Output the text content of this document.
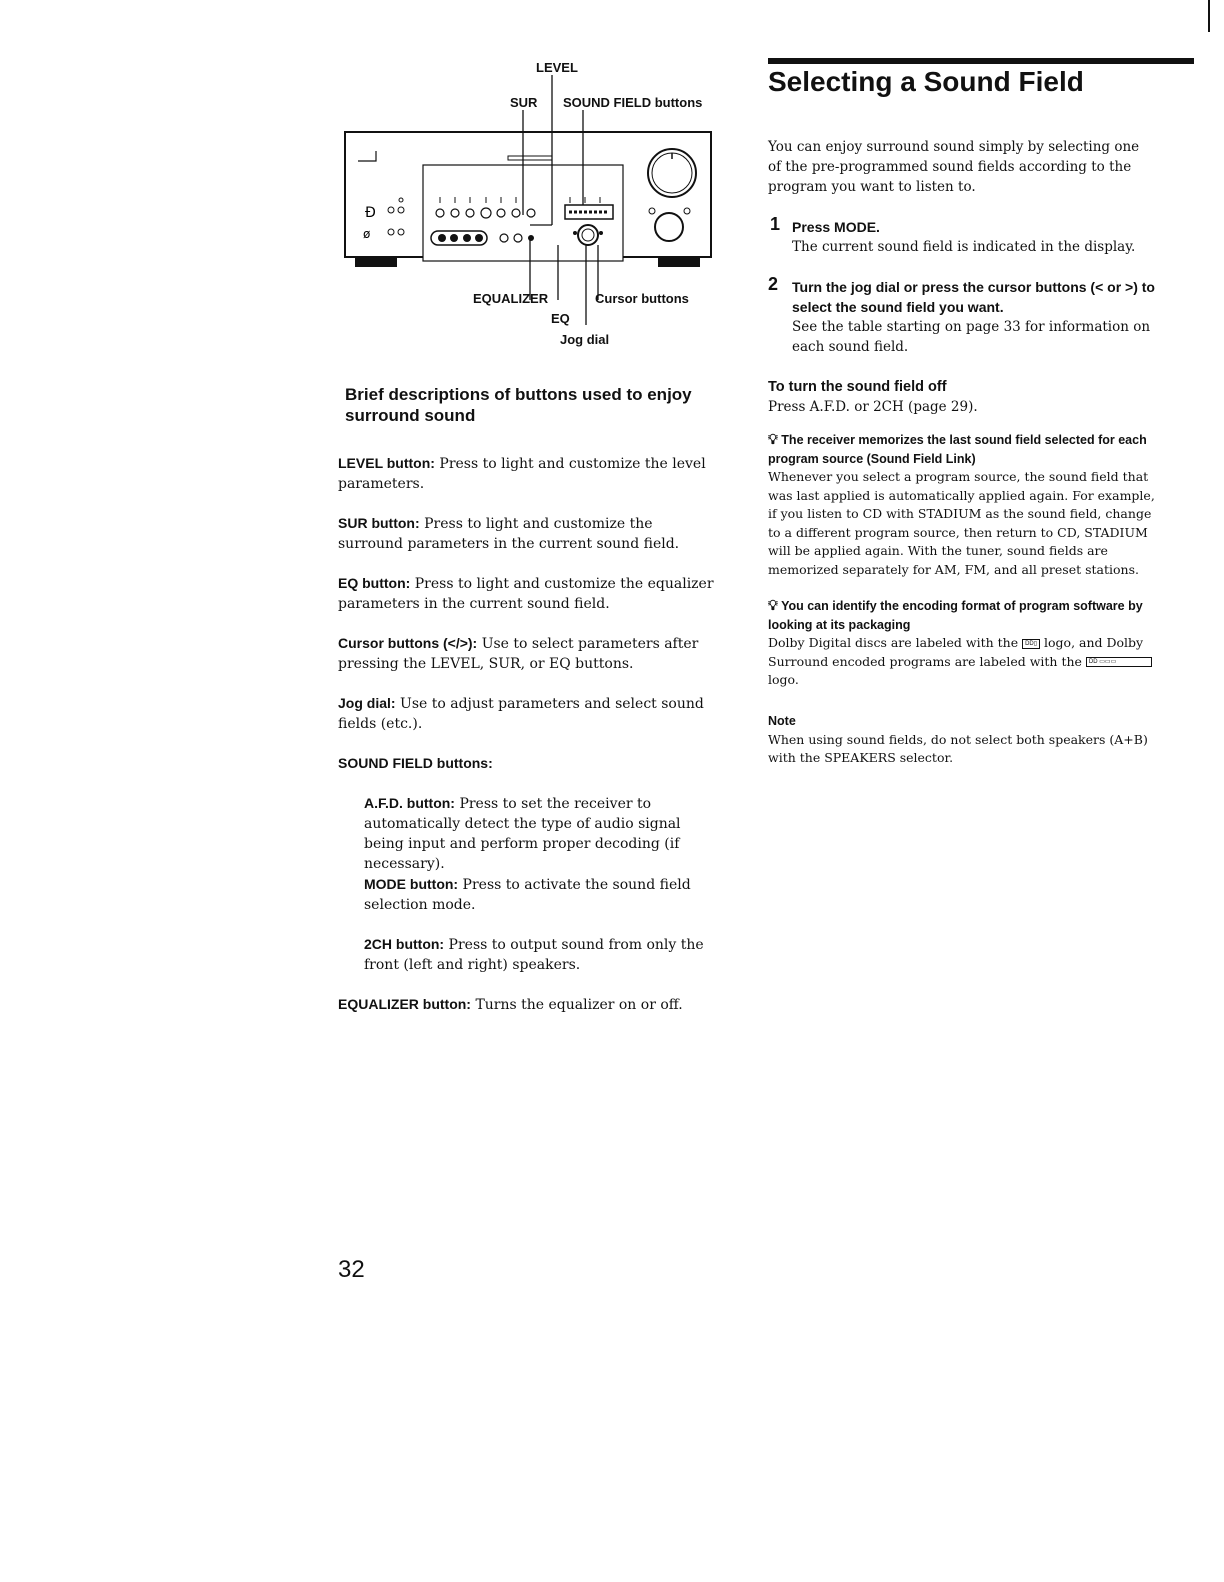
Ɖ
ø
LEVEL
SUR SOUND FIELD buttons
EQUALIZER	Cursor buttons
EQ
Jog dial
Brief descriptions of buttons used to enjoy surround sound
LEVEL button: Press to light and customize the level parameters.
SUR button: Press to light and customize the surround parameters in the current sound field.
EQ button: Press to light and customize the equalizer parameters in the current sound field.
Cursor buttons (</>): Use to select parameters after pressing the LEVEL, SUR, or EQ buttons.
Jog dial: Use to adjust parameters and select sound fields (etc.).
SOUND FIELD buttons:
A.F.D. button: Press to set the receiver to automatically detect the type of audio signal being input and perform proper decoding (if necessary).
MODE button: Press to activate the sound field selection mode.
2CH button: Press to output sound from only the front (left and right) speakers.
EQUALIZER button: Turns the equalizer on or off.
32
Selecting a Sound Field
You can enjoy surround sound simply by selecting one of the pre-programmed sound fields according to the program you want to listen to.
1 Press MODE.
The current sound field is indicated in the display.
2 Turn the jog dial or press the cursor buttons (< or >) to select the sound field you want.
See the table starting on page 33 for information on each sound field.
To turn the sound field off
Press A.F.D. or 2CH (page 29).
💡︎ The receiver memorizes the last sound field selected for each program source (Sound Field Link)
Whenever you select a program source, the sound field that was last applied is automatically applied again. For example, if you listen to CD with STADIUM as the sound field, change to a different program source, then return to CD, STADIUM will be applied again. With the tuner, sound fields are memorized separately for AM, FM, and all preset stations.
💡︎ You can identify the encoding format of program software by looking at its packaging
Dolby Digital discs are labeled with the DD▯ logo, and Dolby Surround encoded programs are labeled with the DD ▭▭▭ logo.
Note
When using sound fields, do not select both speakers (A+B) with the SPEAKERS selector.
